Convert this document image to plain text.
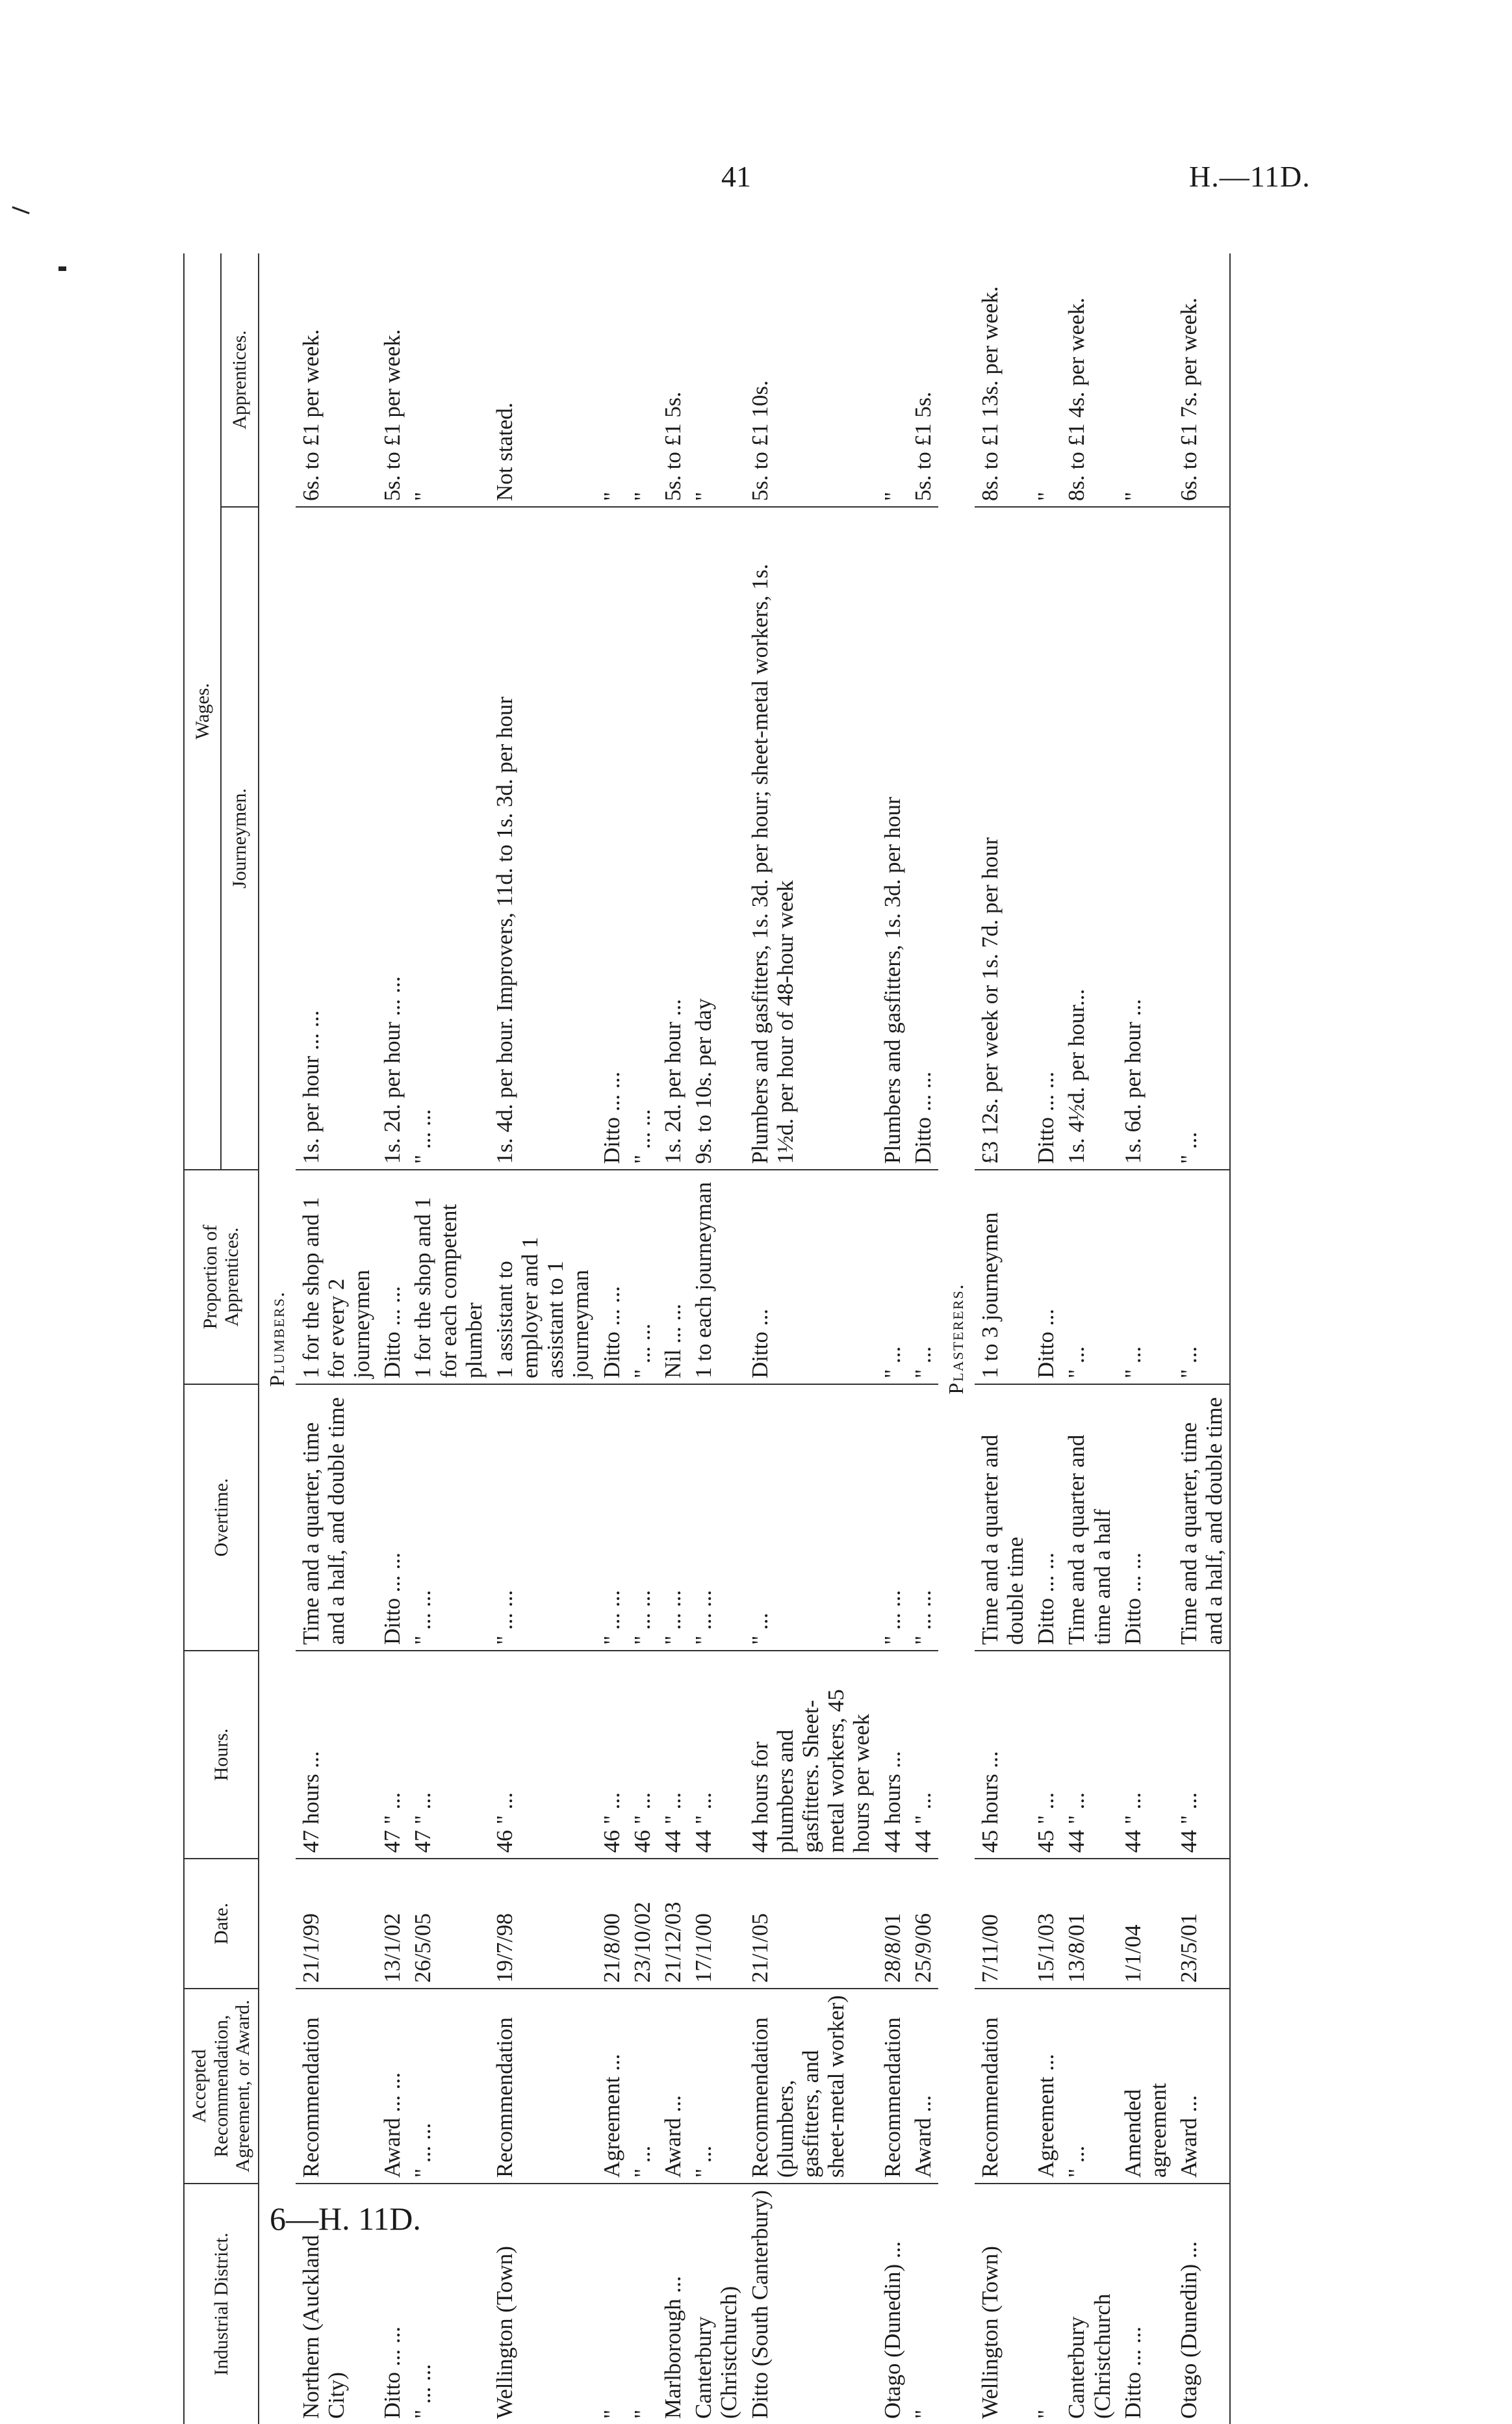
41	H.—11D.
Industrial District.	Accepted Recommendation, Agreement, or Award.	Date.	Hours.	Overtime.	Proportion of Apprentices.	Wages.	
						Journeymen.	Apprentices.
Plumbers.							
Northern (Auckland City)	Recommendation	21/1/99	47 hours ...	Time and a quarter, time and a half, and double time	1 for the shop and 1 for every 2 journeymen	1s. per hour ... ...	6s. to £1 per week.
Ditto ... ...	Award ... ...	13/1/02	47 " ...	Ditto ... ...	Ditto ... ...	1s. 2d. per hour ... ...	5s. to £1 per week.
" ... ...	" ... ...	26/5/05	47 " ...	" ... ...	1 for the shop and 1 for each competent plumber	" ... ...	"
Wellington (Town)	Recommendation	19/7/98	46 " ...	" ... ...	1 assistant to employer and 1 assistant to 1 journeyman	1s. 4d. per hour. Improvers, 11d. to 1s. 3d. per hour	Not stated.
"	Agreement ...	21/8/00	46 " ...	" ... ...	Ditto ... ...	Ditto ... ...	"
"	" ...	23/10/02	46 " ...	" ... ...	" ... ...	" ... ...	"
Marlborough ...	Award ...	21/12/03	44 " ...	" ... ...	Nil ... ...	1s. 2d. per hour ...	5s. to £1 5s.
Canterbury (Christchurch)	" ...	17/1/00	44 " ...	" ... ...	1 to each journeyman	9s. to 10s. per day	"
Ditto (South Canterbury)	Recommendation (plumbers, gasfitters, and sheet-metal worker)	21/1/05	44 hours for plumbers and gasfitters. Sheet-metal workers, 45 hours per week	" ...	Ditto ...	Plumbers and gasfitters, 1s. 3d. per hour; sheet-metal workers, 1s. 1½d. per hour of 48-hour week	5s. to £1 10s.
Otago (Dunedin) ...	Recommendation	28/8/01	44 hours ...	" ... ...	" ...	Plumbers and gasfitters, 1s. 3d. per hour	"
"	Award ...	25/9/06	44 " ...	" ... ...	" ...	Ditto ... ...	5s. to £1 5s.
Plasterers.							
Wellington (Town)	Recommendation	7/11/00	45 hours ...	Time and a quarter and double time	1 to 3 journeymen	£3 12s. per week or 1s. 7d. per hour	8s. to £1 13s. per week.
"	Agreement ...	15/1/03	45 " ...	Ditto ... ...	Ditto ...	Ditto ... ...	"
Canterbury (Christchurch	" ...	13/8/01	44 " ...	Time and a quarter and time and a half	" ...	1s. 4½d. per hour...	8s. to £1 4s. per week.
Ditto ... ...	Amended agreement	1/1/04	44 " ...	Ditto ... ...	" ...	1s. 6d. per hour ...	"
Otago (Dunedin) ...	Award ...	23/5/01	44 " ...	Time and a quarter, time and a half, and double time	" ...	" ...	6s. to £1 7s. per week.
6—H. 11D.
